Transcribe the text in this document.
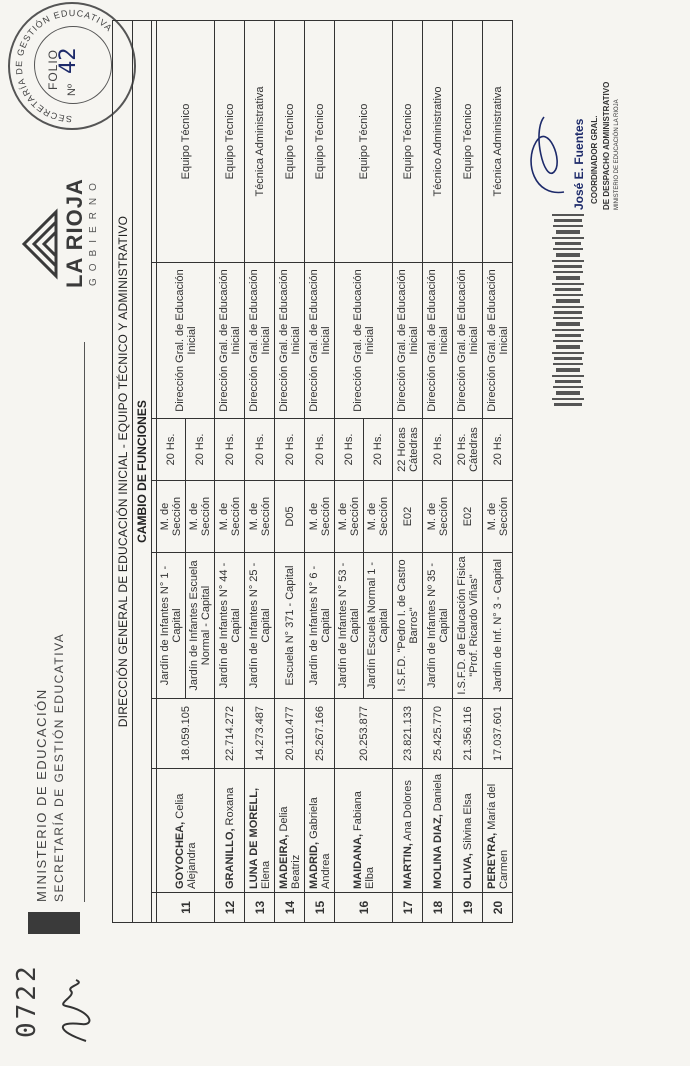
MINISTERIO DE EDUCACIÓN SECRETARÍA DE GESTIÓN EDUCATIVA
LA RIOJA GOBIERNO
SECRETARÍA DE GESTIÓN EDUCATIVA
FOLIO
Nº
42
DIRECCIÓN GENERAL DE EDUCACIÓN INICIAL - EQUIPO TÉCNICO Y ADMINISTRATIVO							
CAMBIO DE FUNCIONES							

11	GOYOCHEA, Celia Alejandra	18.059.105	Jardín de Infantes N° 1 - Capital	M. de Sección	20 Hs.	Dirección Gral. de Educación Inicial	Equipo Técnico
			Jardín de Infantes Escuela Normal - Capital	M. de Sección	20 Hs.		
12	GRANILLO, Roxana	22.714.272	Jardín de Infantes N° 44 - Capital	M. de Sección	20 Hs.	Dirección Gral. de Educación Inicial	Equipo Técnico
13	LUNA DE MORELL, Elena	14.273.487	Jardín de Infantes N° 25 - Capital	M. de Sección	20 Hs.	Dirección Gral. de Educación Inicial	Técnica Administrativa
14	MADEIRA, Delia Beatriz	20.110.477	Escuela N° 371 - Capital	D05	20 Hs.	Dirección Gral. de Educación Inicial	Equipo Técnico
15	MADRID, Gabriela Andrea	25.267.166	Jardín de Infantes N° 6 - Capital	M. de Sección	20 Hs.	Dirección Gral. de Educación Inicial	Equipo Técnico
16	MAIDANA, Fabiana Elba	20.253.877	Jardín de Infantes N° 53 - Capital	M. de Sección	20 Hs.	Dirección Gral. de Educación Inicial	Equipo Técnico
			Jardín Escuela Normal 1 - Capital	M. de Sección	20 Hs.		
17	MARTIN, Ana Dolores	23.821.133	I.S.F.D. "Pedro I. de Castro Barros"	E02	22 Horas Cátedras	Dirección Gral. de Educación Inicial	Equipo Técnico
18	MOLINA DIAZ, Daniela	25.425.770	Jardín de Infantes Nº 35 - Capital	M. de Sección	20 Hs.	Dirección Gral. de Educación Inicial	Técnico Administrativo
19	OLIVA, Silvina Elsa	21.356.116	I.S.F.D. de Educación Física "Prof. Ricardo Viñas"	E02	20 Hs. Cátedras	Dirección Gral. de Educación Inicial	Equipo Técnico
20	PEREYRA, María del Carmen	17.037.601	Jardín de Inf. N° 3 - Capital	M. de Sección	20 Hs.	Dirección Gral. de Educación Inicial	Técnica Administrativa
0722
José E. Fuentes COORDINADOR GRAL. DE DESPACHO ADMINISTRATIVO MINISTERIO DE EDUCACIÓN LA RIOJA
